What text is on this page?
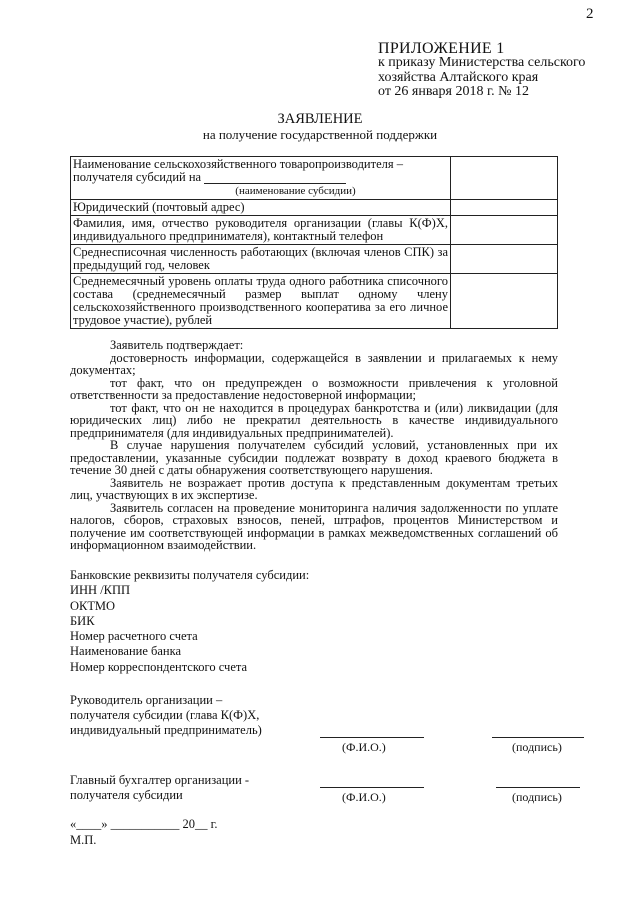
2
ПРИЛОЖЕНИЕ 1
к приказу Министерства сельского
хозяйства Алтайского края
от 26 января 2018 г. № 12
ЗАЯВЛЕНИЕ
на получение государственной поддержки
Наименование сельскохозяйственного товаропроизводителя –
получателя субсидий на
(наименование субсидии)	

Юридический (почтовый адрес)	
Фамилия, имя, отчество руководителя организации (главы К(Ф)Х, индивидуального предпринимателя), контактный телефон	
Среднесписочная численность работающих (включая членов СПК) за предыдущий год, человек	
Среднемесячный уровень оплаты труда одного работника списочного состава (среднемесячный размер выплат одному члену сельскохозяйственного производственного кооператива за его личное трудовое участие), рублей	

Заявитель подтверждает:

достоверность информации, содержащейся в заявлении и прилагаемых к нему документах;

тот факт, что он предупрежден о возможности привлечения к уголовной ответственности за предоставление недостоверной информации;

тот факт, что он не находится в процедурах банкротства и (или) ликвидации (для юридических лиц) либо не прекратил деятельность в качестве индивидуального предпринимателя (для индивидуальных предпринимателей).

В случае нарушения получателем субсидий условий, установленных при их предоставлении, указанные субсидии подлежат возврату в доход краевого бюджета в течение 30 дней с даты обнаружения соответствующего нарушения.

Заявитель не возражает против доступа к представленным документам третьих лиц, участвующих в их экспертизе.

Заявитель согласен на проведение мониторинга наличия задолженности по уплате налогов, сборов, страховых взносов, пеней, штрафов, процентов Министерством и получение им соответствующей информации в рамках межведомственных соглашений об информационном взаимодействии.

Банковские реквизиты получателя субсидии:
ИНН /КПП
ОКТМО
БИК
Номер расчетного счета
Наименование банка
Номер корреспондентского счета
Руководитель организации –
получателя субсидии (глава К(Ф)Х,
индивидуальный предприниматель)
(Ф.И.О.)	(подпись)
Главный бухгалтер организации -
получателя субсидии	(Ф.И.О.)	(подпись)
«____» ___________ 20__ г.
М.П.
